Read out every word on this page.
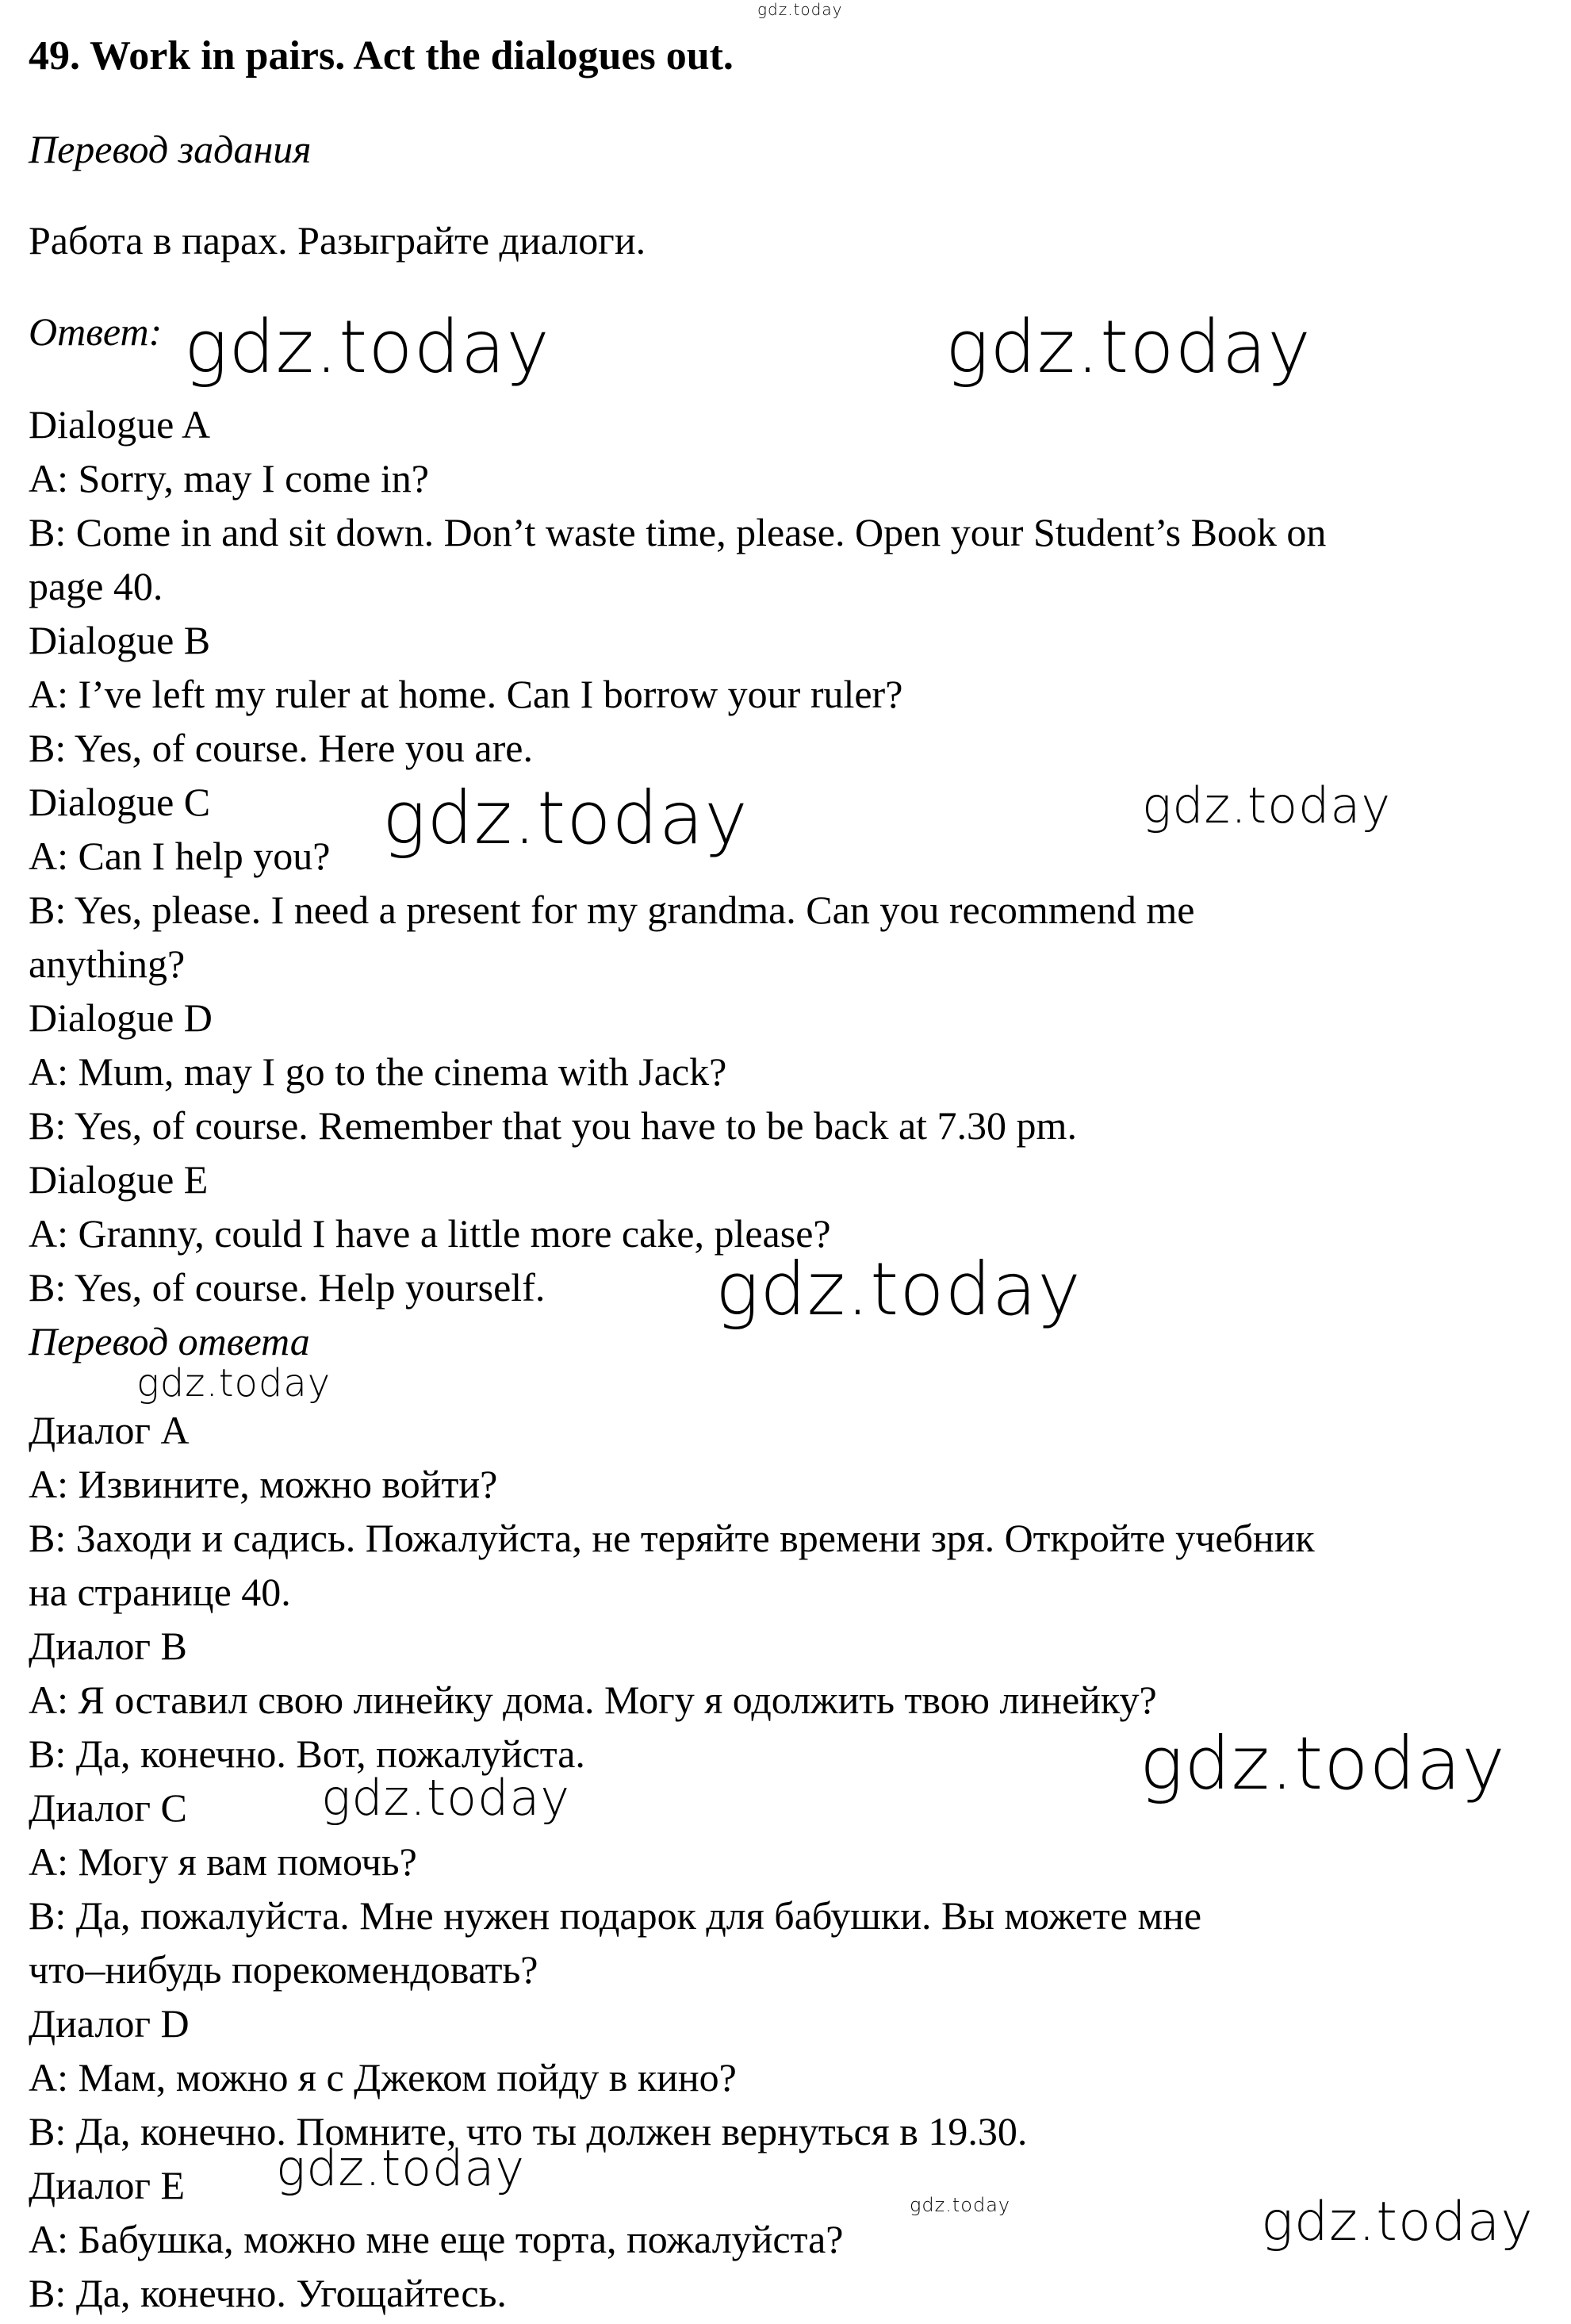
49. Work in pairs. Act the dialogues out.
Перевод задания
Работа в парах. Разыграйте диалоги.
Ответ:
Dialogue A
A: Sorry, may I come in?
B: Come in and sit down. Don’t waste time, please. Open your Student’s Book on
page 40.
Dialogue B
A: I’ve left my ruler at home. Can I borrow your ruler?
B: Yes, of course. Here you are.
Dialogue C
A: Can I help you?
B: Yes, please. I need a present for my grandma. Can you recommend me
anything?
Dialogue D
A: Mum, may I go to the cinema with Jack?
B: Yes, of course. Remember that you have to be back at 7.30 pm.
Dialogue E
A: Granny, could I have a little more cake, please?
B: Yes, of course. Help yourself.
Перевод ответа
Диалог A
A: Извините, можно войти?
B: Заходи и садись. Пожалуйста, не теряйте времени зря. Откройте учебник
на странице 40.
Диалог B
A: Я оставил свою линейку дома. Могу я одолжить твою линейку?
B: Да, конечно. Вот, пожалуйста.
Диалог C
A: Могу я вам помочь?
B: Да, пожалуйста. Мне нужен подарок для бабушки. Вы можете мне
что–нибудь порекомендовать?
Диалог D
A: Мам, можно я с Джеком пойду в кино?
B: Да, конечно. Помните, что ты должен вернуться в 19.30.
Диалог E
A: Бабушка, можно мне еще торта, пожалуйста?
B: Да, конечно. Угощайтесь.
gdz.today
gdz.today	gdz.today
gdz.today	gdz.today
gdz.today
gdz.today
gdz.today
gdz.today
gdz.today
gdz.today	gdz.today
